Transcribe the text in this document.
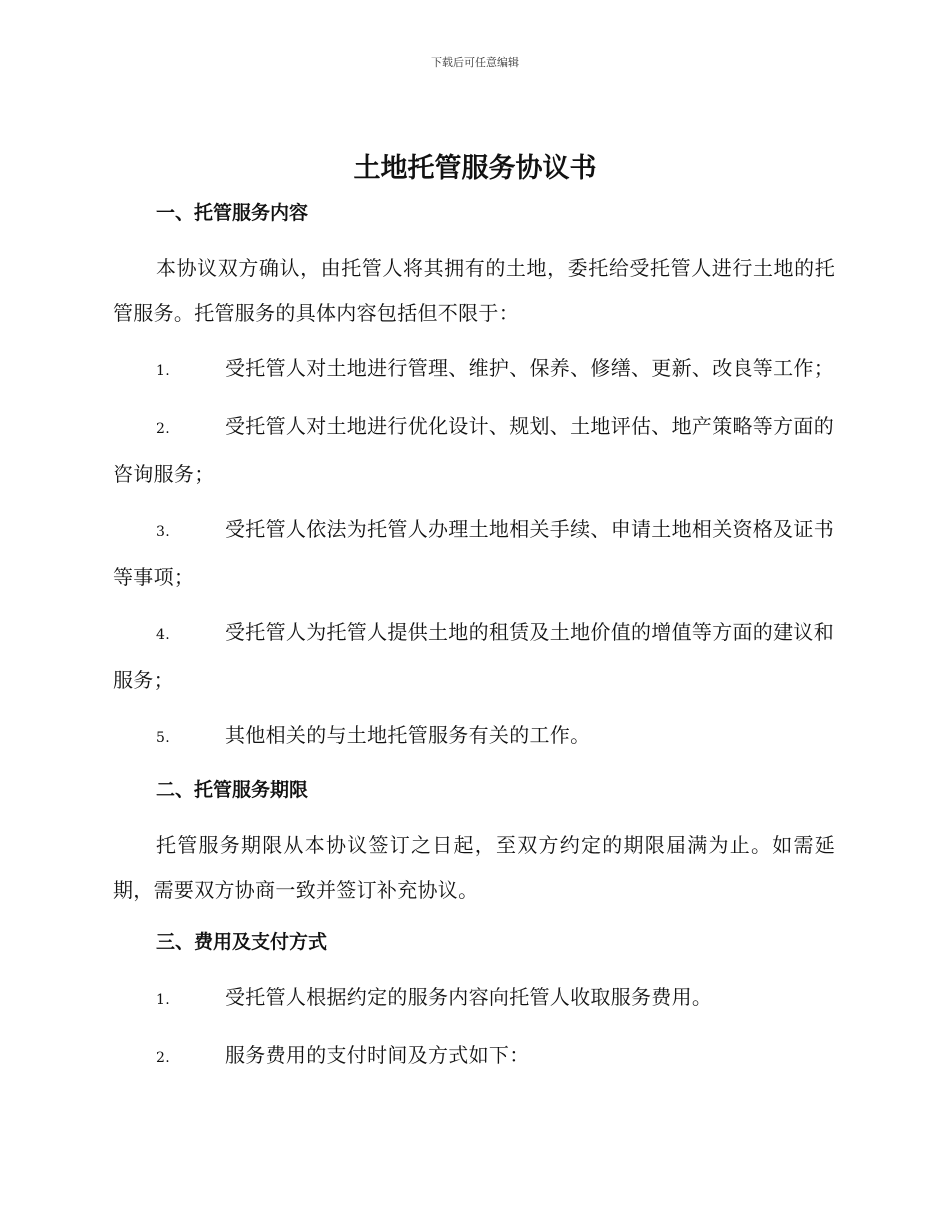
下载后可任意编辑
土地托管服务协议书
一、托管服务内容
本协议双方确认，由托管人将其拥有的土地，委托给受托管人进行土地的托管服务。托管服务的具体内容包括但不限于：
1.	受托管人对土地进行管理、维护、保养、修缮、更新、改良等工作；
2.	受托管人对土地进行优化设计、规划、土地评估、地产策略等方面的咨询服务；
3.	受托管人依法为托管人办理土地相关手续、申请土地相关资格及证书等事项；
4.	受托管人为托管人提供土地的租赁及土地价值的增值等方面的建议和服务；
5.	其他相关的与土地托管服务有关的工作。
二、托管服务期限
托管服务期限从本协议签订之日起，至双方约定的期限届满为止。如需延期，需要双方协商一致并签订补充协议。
三、费用及支付方式
1.	受托管人根据约定的服务内容向托管人收取服务费用。
2.	服务费用的支付时间及方式如下：
